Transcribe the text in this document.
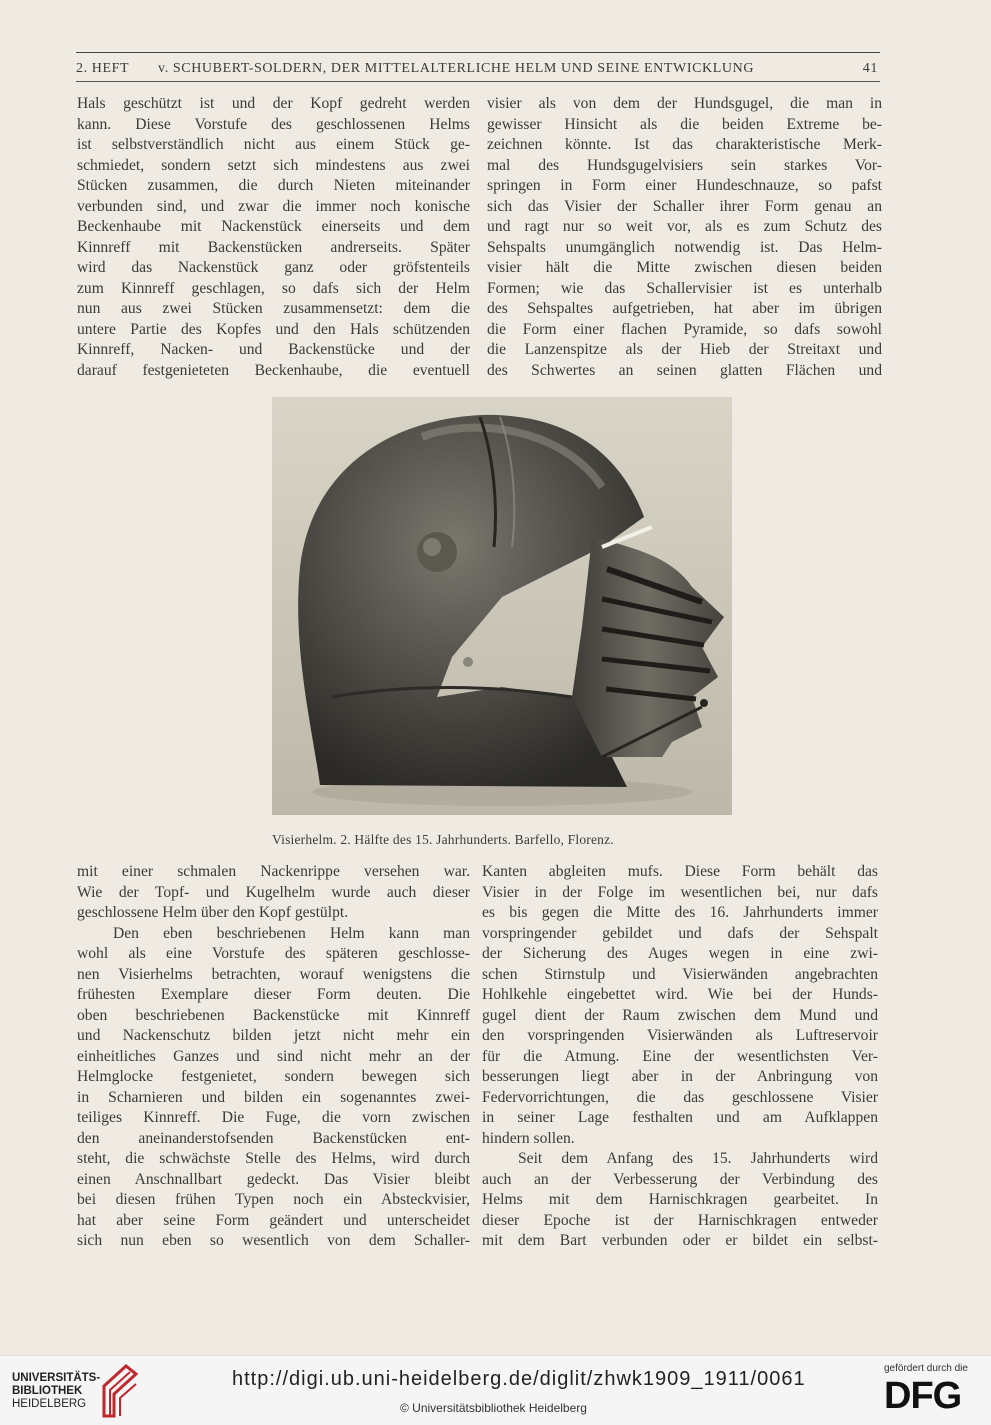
2. HEFT v. SCHUBERT-SOLDERN, DER MITTELALTERLICHE HELM UND SEINE ENTWICKLUNG	41

Hals geschützt ist und der Kopf gedreht werden

kann. Diese Vorstufe des geschlossenen Helms

ist selbstverständlich nicht aus einem Stück ge-

schmiedet, sondern setzt sich mindestens aus zwei

Stücken zusammen, die durch Nieten miteinander

verbunden sind, und zwar die immer noch konische

Beckenhaube mit Nackenstück einerseits und dem

Kinnreff mit Backenstücken andrerseits. Später

wird das Nackenstück ganz oder gröfstenteils

zum Kinnreff geschlagen, so dafs sich der Helm

nun aus zwei Stücken zusammensetzt: dem die

untere Partie des Kopfes und den Hals schützenden

Kinnreff, Nacken- und Backenstücke und der

darauf festgenieteten Beckenhaube, die eventuell

visier als von dem der Hundsgugel, die man in

gewisser Hinsicht als die beiden Extreme be-

zeichnen könnte. Ist das charakteristische Merk-

mal des Hundsgugelvisiers sein starkes Vor-

springen in Form einer Hundeschnauze, so pafst

sich das Visier der Schaller ihrer Form genau an

und ragt nur so weit vor, als es zum Schutz des

Sehspalts unumgänglich notwendig ist. Das Helm-

visier hält die Mitte zwischen diesen beiden

Formen; wie das Schallervisier ist es unterhalb

des Sehspaltes aufgetrieben, hat aber im übrigen

die Form einer flachen Pyramide, so dafs sowohl

die Lanzenspitze als der Hieb der Streitaxt und

des Schwertes an seinen glatten Flächen und

Visierhelm. 2. Hälfte des 15. Jahrhunderts. Barfello, Florenz.

mit einer schmalen Nackenrippe versehen war.

Wie der Topf- und Kugelhelm wurde auch dieser

geschlossene Helm über den Kopf gestülpt.

Den eben beschriebenen Helm kann man

wohl als eine Vorstufe des späteren geschlosse-

nen Visierhelms betrachten, worauf wenigstens die

frühesten Exemplare dieser Form deuten. Die

oben beschriebenen Backenstücke mit Kinnreff

und Nackenschutz bilden jetzt nicht mehr ein

einheitliches Ganzes und sind nicht mehr an der

Helmglocke festgenietet, sondern bewegen sich

in Scharnieren und bilden ein sogenanntes zwei-

teiliges Kinnreff. Die Fuge, die vorn zwischen

den aneinanderstofsenden Backenstücken ent-

steht, die schwächste Stelle des Helms, wird durch

einen Anschnallbart gedeckt. Das Visier bleibt

bei diesen frühen Typen noch ein Absteckvisier,

hat aber seine Form geändert und unterscheidet

sich nun eben so wesentlich von dem Schaller-

Kanten abgleiten mufs. Diese Form behält das

Visier in der Folge im wesentlichen bei, nur dafs

es bis gegen die Mitte des 16. Jahrhunderts immer

vorspringender gebildet und dafs der Sehspalt

der Sicherung des Auges wegen in eine zwi-

schen Stirnstulp und Visierwänden angebrachten

Hohlkehle eingebettet wird. Wie bei der Hunds-

gugel dient der Raum zwischen dem Mund und

den vorspringenden Visierwänden als Luftreservoir

für die Atmung. Eine der wesentlichsten Ver-

besserungen liegt aber in der Anbringung von

Federvorrichtungen, die das geschlossene Visier

in seiner Lage festhalten und am Aufklappen

hindern sollen.

Seit dem Anfang des 15. Jahrhunderts wird

auch an der Verbesserung der Verbindung des

Helms mit dem Harnischkragen gearbeitet. In

dieser Epoche ist der Harnischkragen entweder

mit dem Bart verbunden oder er bildet ein selbst-

UNIVERSITÄTS-
BIBLIOTHEK
HEIDELBERG
http://digi.ub.uni-heidelberg.de/diglit/zhwk1909_1911/0061
© Universitätsbibliothek Heidelberg
gefördert durch die
DFG
